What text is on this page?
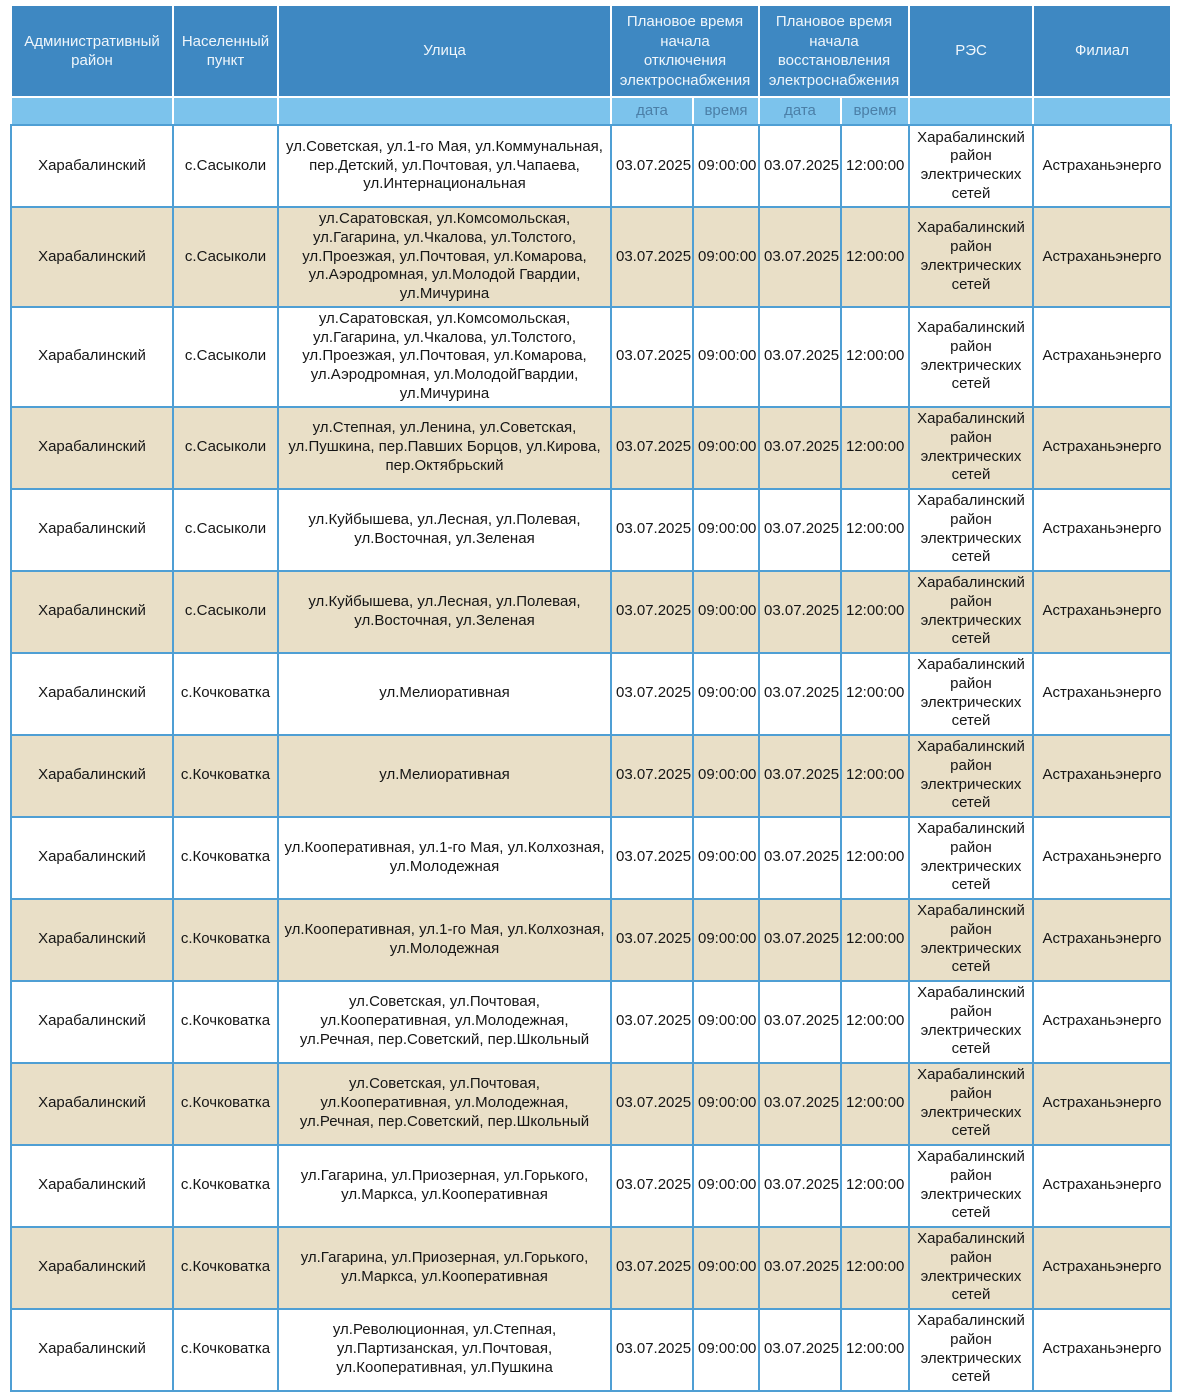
Административный район	Населенный пункт	Улица	Плановое время начала отключения электроснабжения		Плановое время начала восстановления электроснабжения		РЭС	Филиал
			дата	время	дата	время		
Харабалинский	с.Сасыколи	ул.Советская, ул.1-го Мая, ул.Коммунальная, пер.Детский, ул.Почтовая, ул.Чапаева, ул.Интернациональная	03.07.2025	09:00:00	03.07.2025	12:00:00	Харабалинский район электрических сетей	Астраханьэнерго
Харабалинский	с.Сасыколи	ул.Саратовская, ул.Комсомольская, ул.Гагарина, ул.Чкалова, ул.Толстого, ул.Проезжая, ул.Почтовая, ул.Комарова, ул.Аэродромная, ул.Молодой Гвардии, ул.Мичурина	03.07.2025	09:00:00	03.07.2025	12:00:00	Харабалинский район электрических сетей	Астраханьэнерго
Харабалинский	с.Сасыколи	ул.Саратовская, ул.Комсомольская, ул.Гагарина, ул.Чкалова, ул.Толстого, ул.Проезжая, ул.Почтовая, ул.Комарова, ул.Аэродромная, ул.МолодойГвардии, ул.Мичурина	03.07.2025	09:00:00	03.07.2025	12:00:00	Харабалинский район электрических сетей	Астраханьэнерго
Харабалинский	с.Сасыколи	ул.Степная, ул.Ленина, ул.Советская, ул.Пушкина, пер.Павших Борцов, ул.Кирова, пер.Октябрьский	03.07.2025	09:00:00	03.07.2025	12:00:00	Харабалинский район электрических сетей	Астраханьэнерго
Харабалинский	с.Сасыколи	ул.Куйбышева, ул.Лесная, ул.Полевая, ул.Восточная, ул.Зеленая	03.07.2025	09:00:00	03.07.2025	12:00:00	Харабалинский район электрических сетей	Астраханьэнерго
Харабалинский	с.Сасыколи	ул.Куйбышева, ул.Лесная, ул.Полевая, ул.Восточная, ул.Зеленая	03.07.2025	09:00:00	03.07.2025	12:00:00	Харабалинский район электрических сетей	Астраханьэнерго
Харабалинский	с.Кочковатка	ул.Мелиоративная	03.07.2025	09:00:00	03.07.2025	12:00:00	Харабалинский район электрических сетей	Астраханьэнерго
Харабалинский	с.Кочковатка	ул.Мелиоративная	03.07.2025	09:00:00	03.07.2025	12:00:00	Харабалинский район электрических сетей	Астраханьэнерго
Харабалинский	с.Кочковатка	ул.Кооперативная, ул.1-го Мая, ул.Колхозная, ул.Молодежная	03.07.2025	09:00:00	03.07.2025	12:00:00	Харабалинский район электрических сетей	Астраханьэнерго
Харабалинский	с.Кочковатка	ул.Кооперативная, ул.1-го Мая, ул.Колхозная, ул.Молодежная	03.07.2025	09:00:00	03.07.2025	12:00:00	Харабалинский район электрических сетей	Астраханьэнерго
Харабалинский	с.Кочковатка	ул.Советская, ул.Почтовая, ул.Кооперативная, ул.Молодежная, ул.Речная, пер.Советский, пер.Школьный	03.07.2025	09:00:00	03.07.2025	12:00:00	Харабалинский район электрических сетей	Астраханьэнерго
Харабалинский	с.Кочковатка	ул.Советская, ул.Почтовая, ул.Кооперативная, ул.Молодежная, ул.Речная, пер.Советский, пер.Школьный	03.07.2025	09:00:00	03.07.2025	12:00:00	Харабалинский район электрических сетей	Астраханьэнерго
Харабалинский	с.Кочковатка	ул.Гагарина, ул.Приозерная, ул.Горького, ул.Маркса, ул.Кооперативная	03.07.2025	09:00:00	03.07.2025	12:00:00	Харабалинский район электрических сетей	Астраханьэнерго
Харабалинский	с.Кочковатка	ул.Гагарина, ул.Приозерная, ул.Горького, ул.Маркса, ул.Кооперативная	03.07.2025	09:00:00	03.07.2025	12:00:00	Харабалинский район электрических сетей	Астраханьэнерго
Харабалинский	с.Кочковатка	ул.Революционная, ул.Степная, ул.Партизанская, ул.Почтовая, ул.Кооперативная, ул.Пушкина	03.07.2025	09:00:00	03.07.2025	12:00:00	Харабалинский район электрических сетей	Астраханьэнерго
